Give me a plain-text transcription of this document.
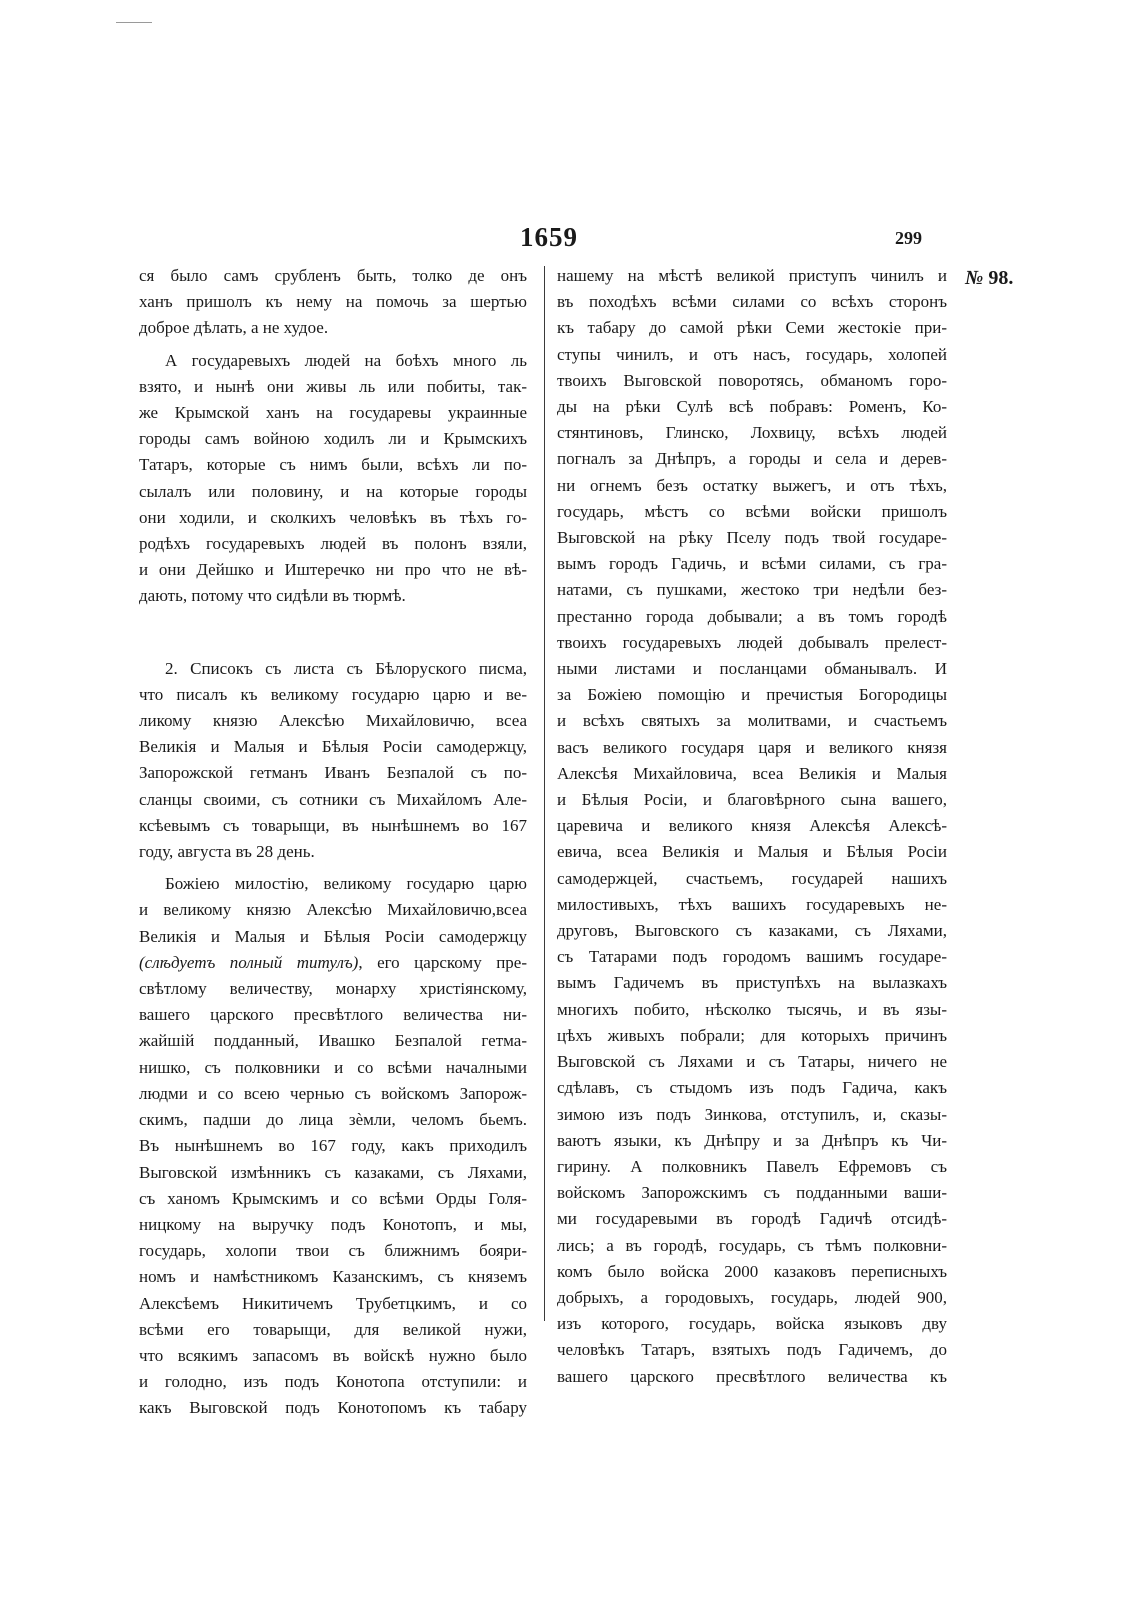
1659	299
№ 98.

ся было самъ срубленъ быть, толко де онъ
ханъ пришолъ къ нему на помочь за шертью
доброе дѣлать, а не худое.

А государевыхъ людей на боѣхъ много ль
взято, и нынѣ они живы ль или побиты, так-
же Крымской ханъ на государевы украинные
городы самъ войною ходилъ ли и Крымскихъ
Татаръ, которые съ нимъ были, всѣхъ ли по-
сылалъ или половину, и на которые городы
они ходили, и сколкихъ человѣкъ въ тѣхъ го-
родѣхъ государевыхъ людей въ полонъ взяли,
и они Дейшко и Иштеречко ни про что не вѣ-
дають, потому что сидѣли въ тюрмѣ.

2. Списокъ съ листа съ Бѣлоруского писма,
что писалъ къ великому государю царю и ве-
ликому князю Алексѣю Михайловичю, всеа
Великія и Малыя и Бѣлыя Росіи самодержцу,
Запорожской гетманъ Иванъ Безпалой съ по-
сланцы своими, съ сотники съ Михайломъ Але-
ксѣевымъ съ товарыщи, въ нынѣшнемъ во 167
году, августа въ 28 день.

Божіею милостію, великому государю царю
и великому князю Алексѣю Михайловичю,всеа
Великія и Малыя и Бѣлыя Росіи самодержцу
(слѣдуетъ полный титулъ), его царскому пре-
свѣтлому величеству, монарху христіянскому,
вашего царского пресвѣтлого величества ни-
жайшій подданный, Ивашко Безпалой гетма-
нишко, съ полковники и со всѣми началными
людми и со всею чернью съ войскомъ Запорож-
скимъ, падши до лица зѐмли, челомъ бьемъ.
Въ нынѣшнемъ во 167 году, какъ приходилъ
Выговской измѣнникъ съ казаками, съ Ляхами,
съ ханомъ Крымскимъ и со всѣми Орды Голя-
ницкому на выручку подъ Конотопъ, и мы,
государь, холопи твои съ ближнимъ бояри-
номъ и намѣстникомъ Казанскимъ, съ княземъ
Алексѣемъ Никитичемъ Трубетцкимъ, и со
всѣми его товарыщи, для великой нужи,
что всякимъ запасомъ въ войскѣ нужно было
и голодно, изъ подъ Конотопа отступили: и
какъ Выговской подъ Конотопомъ къ табару

нашему на мѣстѣ великой приступъ чинилъ и
въ походѣхъ всѣми силами со всѣхъ сторонъ
къ табару до самой рѣки Семи жестокіе при-
ступы чинилъ, и отъ насъ, государь, холопей
твоихъ Выговской поворотясь, обманомъ горо-
ды на рѣки Сулѣ всѣ побравъ: Роменъ, Ко-
стянтиновъ, Глинско, Лохвицу, всѣхъ людей
погналъ за Днѣпръ, а городы и села и дерев-
ни огнемъ безъ остатку выжегъ, и отъ тѣхъ,
государь, мѣстъ со всѣми войски пришолъ
Выговской на рѣку Пселу подъ твой государе-
вымъ городъ Гадичь, и всѣми силами, съ гра-
натами, съ пушками, жестоко три недѣли без-
престанно города добывали; а въ томъ городѣ
твоихъ государевыхъ людей добывалъ прелест-
ными листами и посланцами обманывалъ. И
за Божіею помощію и пречистыя Богородицы
и всѣхъ святыхъ за молитвами, и счастьемъ
васъ великого государя царя и великого князя
Алексѣя Михайловича, всеа Великія и Малыя
и Бѣлыя Росіи, и благовѣрного сына вашего,
царевича и великого князя Алексѣя Алексѣ-
евича, всеа Великія и Малыя и Бѣлыя Росіи
самодержцей, счастьемъ, государей нашихъ
милостивыхъ, тѣхъ вашихъ государевыхъ не-
друговъ, Выговского съ казаками, съ Ляхами,
съ Татарами подъ городомъ вашимъ государе-
вымъ Гадичемъ въ приступѣхъ на вылазкахъ
многихъ побито, нѣсколко тысячь, и въ язы-
цѣхъ живыхъ побрали; для которыхъ причинъ
Выговской съ Ляхами и съ Татары, ничего не
сдѣлавъ, съ стыдомъ изъ подъ Гадича, какъ
зимою изъ подъ Зинкова, отступилъ, и, сказы-
ваютъ языки, къ Днѣпру и за Днѣпръ къ Чи-
гирину. А полковникъ Павелъ Ефремовъ съ
войскомъ Запорожскимъ съ подданными ваши-
ми государевыми въ городѣ Гадичѣ отсидѣ-
лись; а въ городѣ, государь, съ тѣмъ полковни-
комъ было войска 2000 казаковъ переписныхъ
добрыхъ, а городовыхъ, государь, людей 900,
изъ которого, государь, войска языковъ дву
человѣкъ Татаръ, взятыхъ подъ Гадичемъ, до
вашего царского пресвѣтлого величества къ
